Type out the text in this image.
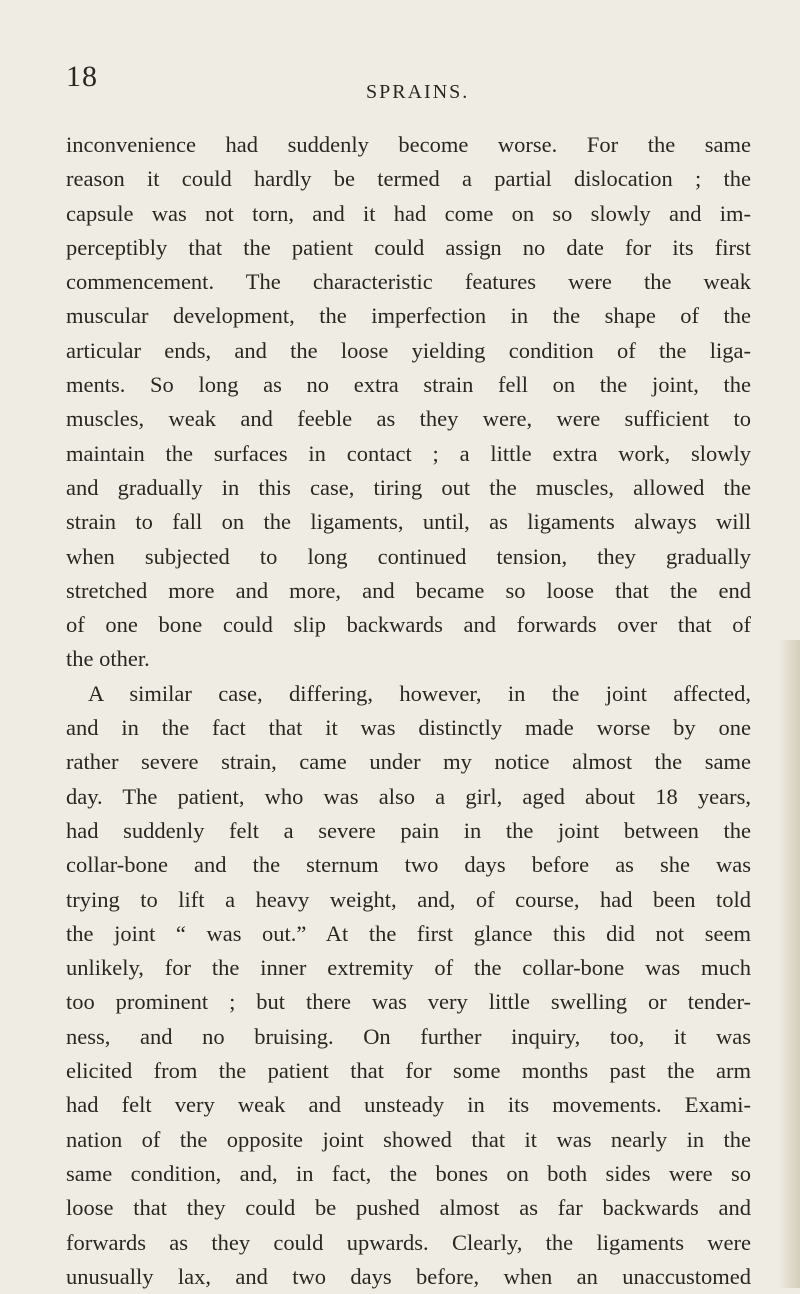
18	SPRAINS.
inconvenience had suddenly become worse. For the same
reason it could hardly be termed a partial dislocation ; the
capsule was not torn, and it had come on so slowly and im-
perceptibly that the patient could assign no date for its first
commencement. The characteristic features were the weak
muscular development, the imperfection in the shape of the
articular ends, and the loose yielding condition of the liga-
ments. So long as no extra strain fell on the joint, the
muscles, weak and feeble as they were, were sufficient to
maintain the surfaces in contact ; a little extra work, slowly
and gradually in this case, tiring out the muscles, allowed the
strain to fall on the ligaments, until, as ligaments always will
when subjected to long continued tension, they gradually
stretched more and more, and became so loose that the end
of one bone could slip backwards and forwards over that of
the other.
A similar case, differing, however, in the joint affected,
and in the fact that it was distinctly made worse by one
rather severe strain, came under my notice almost the same
day. The patient, who was also a girl, aged about 18 years,
had suddenly felt a severe pain in the joint between the
collar-bone and the sternum two days before as she was
trying to lift a heavy weight, and, of course, had been told
the joint “ was out.” At the first glance this did not seem
unlikely, for the inner extremity of the collar-bone was much
too prominent ; but there was very little swelling or tender-
ness, and no bruising. On further inquiry, too, it was
elicited from the patient that for some months past the arm
had felt very weak and unsteady in its movements. Exami-
nation of the opposite joint showed that it was nearly in the
same condition, and, in fact, the bones on both sides were so
loose that they could be pushed almost as far backwards and
forwards as they could upwards. Clearly, the ligaments were
unusually lax, and two days before, when an unaccustomed
